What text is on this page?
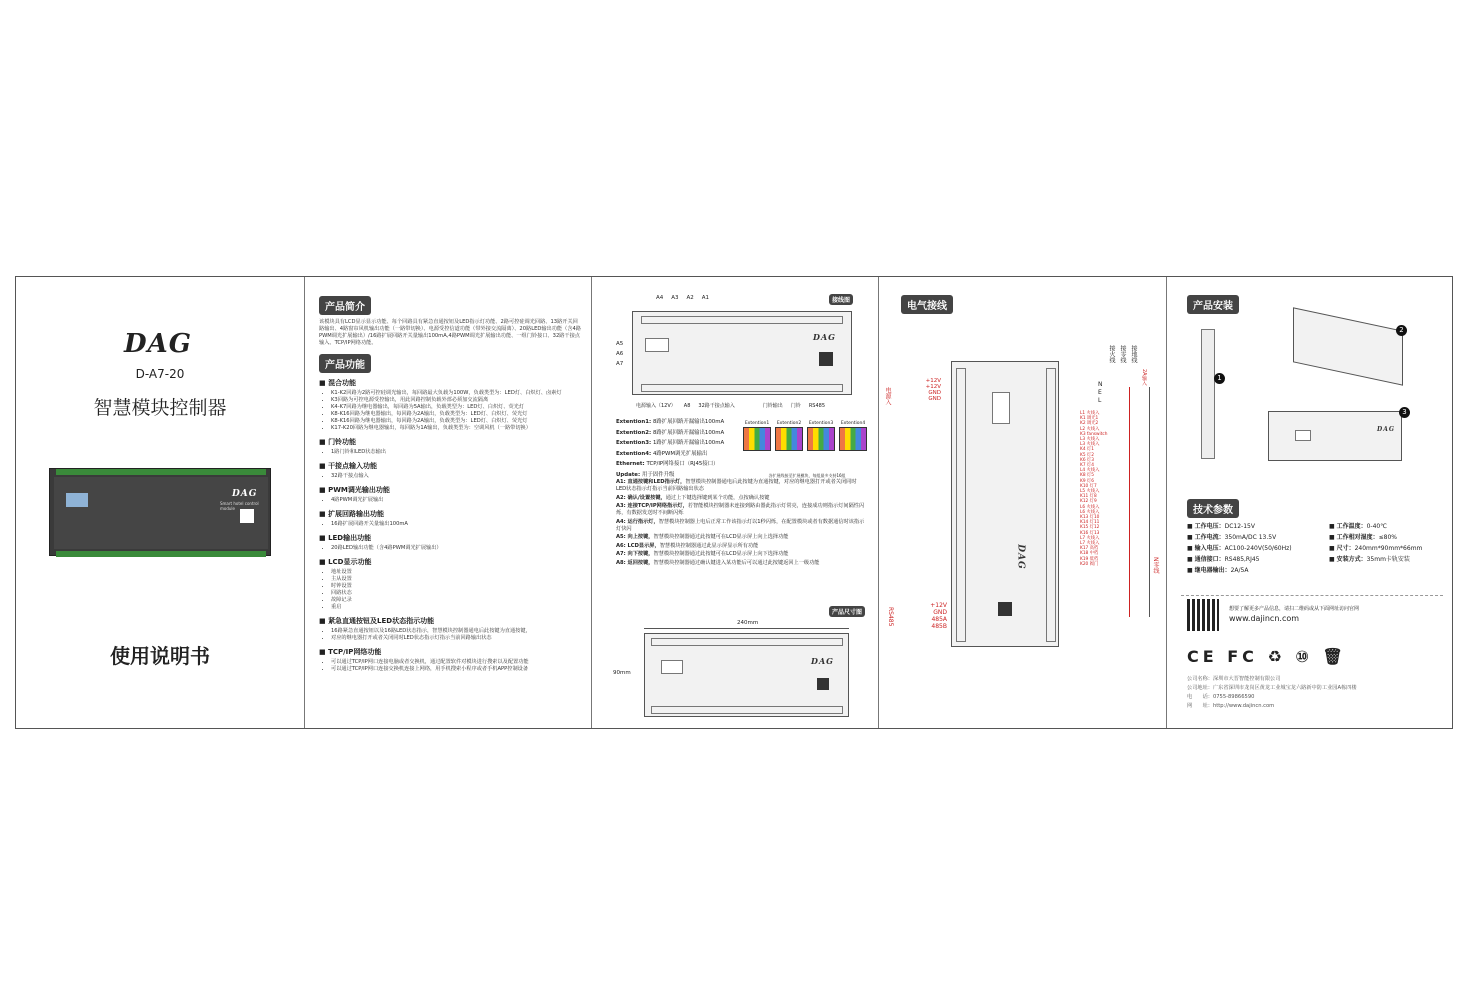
DAG
D-A7-20
智慧模块控制器
DAG
Smart hotel control module
使用说明书
产品简介
该模块具有LCD显示显示功能、每个回路具有紧急直通按钮及LED指示灯功能、2路可控硅调光回路、13路开关回路输出、4路窗帘风机输出功能（一路带切换）、电源受控信道功能（带外接交流隔离）、20路LED输出功能（含4路PWM调光扩展输出）/16路扩展回路开关量输出100mA,4路PWM调光扩展输出功能、一组门铃接口、32路干接点输入、TCP/IP网络功能。
产品功能
■ 混合功能
• K1-K2回路为2路可控硅调光输出，每回路最大负载为100W，负载类型为：LED灯、白炽灯、卤素灯
• K3回路为可控电源受控输出，用此回路控制负载外部必须加交流隔离
• K4-K7回路为继电器输出，每回路为5A输出，负载类型为：LED灯、白炽灯、荧光灯
• K8-K16回路为继电器输出，每回路为2A输出，负载类型为：LED灯、白炽灯、荧光灯
• K8-K16回路为继电器输出，每回路为2A输出，负载类型为：LED灯、白炽灯、荧光灯
• K17-K20回路为继电器输出，每回路为1A输出，负载类型为：空调风机（一路带切换）
■ 门铃功能
• 1路门铃和LED状态输出
■ 干接点输入功能
• 32路干接点输入
■ PWM调光输出功能
• 4路PWM调光扩展输出
■ 扩展回路输出功能
• 16路扩展回路开关量输出100mA
■ LED输出功能
• 20路LED输出功能（含4路PWM调光扩展输出）
■ LCD显示功能
• 地址设置
• 主从设置
• 时钟设置
• 回路状态
• 故障记录
• 重启
■ 紧急直通按钮及LED状态指示功能
• 16路紧急直通按钮以及16路LED状态指示，智慧模块控制器通电后此按键为直通按键，
• 对应的继电器打开或者关闭同时LED状态指示灯指示当前回路输出状态
■ TCP/IP网络功能
• 可以通过TCP/IP网口连接电脑或者交换机，通过配置软件对模块进行搜索以及配置功能
• 可以通过TCP/IP网口连接交换机连接上网络，用手机搜索小程序或者手机APP控制设备
接线图
A4 A3 A2 A1
A5
A6
A7
DAG
电源输入（12V） A8 32路干接点输入	门铃输出 门铃 RS485
Extention1	Extention2	Extention3	Extention4
各扩展线接至扩展模块，每组最多支持16组
Extention1: 8路扩展回路开漏输出100mA
Extention2: 8路扩展回路开漏输出100mA
Extention3: 1路扩展回路开漏输出100mA
Extention4: 4路PWM调光扩展输出
Ethernet: TCP/IP网络接口（RJ45接口）
Update: 用于固件升级
A1: 直通按键和LED指示灯，智慧模块控制器通电后此按键为直通按键，对应的继电器打开或者关闭同时LED状态指示灯指示当前回路输出状态
A2: 确认/设置按键，通过上下键选择键到某个功能，点按确认按键
A3: 连接TCP/IP网络指示灯，若智能模块控制器未连接到路由器此指示灯常亮，连接成功则指示灯间隔性闪烁，有数据发送时不间断闪烁
A4: 运行指示灯，智慧模块控制器上电后正常工作该指示灯以1秒闪烁，在配置模块或者有数据通信时该指示灯快闪
A5: 向上按键，智慧模块控制器通过此按键可在LCD显示屏上向上选择功能
A6: LCD显示屏，智慧模块控制器通过此显示屏显示所有功能
A7: 向下按键，智慧模块控制器通过此按键可在LCD显示屏上向下选择功能
A8: 返回按键，智慧模块控制器通过确认键进入某功能后可以通过此按键返回上一级功能
产品尺寸图
240mm
90mm
DAG
电气接线
DAG
+12V
+12V
GND
GND
电源入
+12V
GND
485A
485B
RS485
接火线 接零线 接地线
N
E
L
2A输入
N零线
L1 火线入
K1 调光1
K2 调光2
L2 火线入
K3 fanswitch
L3 火线入
L3 火线入
K4 灯1
K5 灯2
K6 灯3
K7 灯4
L4 火线入
K8 灯5
K9 灯6
K10 灯7
L5 火线入
K11 灯8
K12 灯9
L6 火线入
L6 火线入
K13 灯10
K14 灯11
K15 灯12
K16 灯13
L7 火线入
L7 火线入
K17 高档
K18 中档
K19 低档
K20 阀门
产品安装
1
2
DAG
3
技术参数
■ 工作电压：DC12-15V
■ 工作电流：350mA/DC 13.5V
■ 输入电压：AC100-240V(50/60Hz)
■ 通信接口：RS485,RJ45
■ 继电器输出：2A/5A
■ 工作温度：0-40℃
■ 工作相对湿度：≤80%
■ 尺寸：240mm*90mm*66mm
■ 安装方式：35mm卡轨安装
想要了解更多产品信息，请扫二维码或从下面网址访问官网
www.dajincn.com
CE FC ♻ ⑩ 🗑
公司名称：深圳市大晋智能控制有限公司
公司地址：广东省深圳市龙岗区黄龙工业城宝龙六路新中防工业园A栋四楼
电　　话：0755-89866590
网　　址：http://www.dajincn.com
